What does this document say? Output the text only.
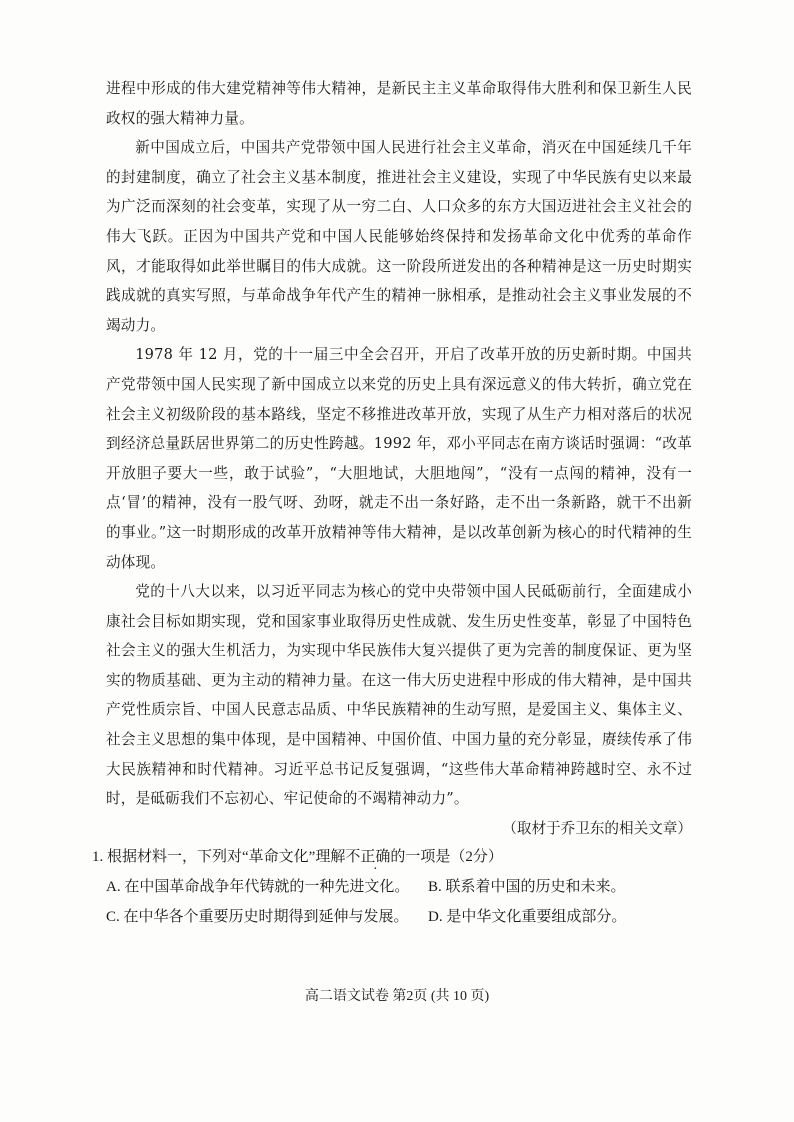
进程中形成的伟大建党精神等伟大精神，是新民主主义革命取得伟大胜利和保卫新生人民政权的强大精神力量。

新中国成立后，中国共产党带领中国人民进行社会主义革命，消灭在中国延续几千年的封建制度，确立了社会主义基本制度，推进社会主义建设，实现了中华民族有史以来最为广泛而深刻的社会变革，实现了从一穷二白、人口众多的东方大国迈进社会主义社会的伟大飞跃。正因为中国共产党和中国人民能够始终保持和发扬革命文化中优秀的革命作风，才能取得如此举世瞩目的伟大成就。这一阶段所迸发出的各种精神是这一历史时期实践成就的真实写照，与革命战争年代产生的精神一脉相承，是推动社会主义事业发展的不竭动力。

1978 年 12 月，党的十一届三中全会召开，开启了改革开放的历史新时期。中国共产党带领中国人民实现了新中国成立以来党的历史上具有深远意义的伟大转折，确立党在社会主义初级阶段的基本路线，坚定不移推进改革开放，实现了从生产力相对落后的状况到经济总量跃居世界第二的历史性跨越。1992 年，邓小平同志在南方谈话时强调：“改革开放胆子要大一些，敢于试验”，“大胆地试，大胆地闯”，“没有一点闯的精神，没有一点‘冒’的精神，没有一股气呀、劲呀，就走不出一条好路，走不出一条新路，就干不出新的事业。”这一时期形成的改革开放精神等伟大精神，是以改革创新为核心的时代精神的生动体现。

党的十八大以来，以习近平同志为核心的党中央带领中国人民砥砺前行，全面建成小康社会目标如期实现，党和国家事业取得历史性成就、发生历史性变革，彰显了中国特色社会主义的强大生机活力，为实现中华民族伟大复兴提供了更为完善的制度保证、更为坚实的物质基础、更为主动的精神力量。在这一伟大历史进程中形成的伟大精神，是中国共产党性质宗旨、中国人民意志品质、中华民族精神的生动写照，是爱国主义、集体主义、社会主义思想的集中体现，是中国精神、中国价值、中国力量的充分彰显，赓续传承了伟大民族精神和时代精神。习近平总书记反复强调，“这些伟大革命精神跨越时空、永不过时，是砥砺我们不忘初心、牢记使命的不竭精神动力”。

（取材于乔卫东的相关文章）

1. 根据材料一，下列对“革命文化”理解不正确的一项是（2分）

A. 在中国革命战争年代铸就的一种先进文化。	B. 联系着中国的历史和未来。
C. 在中华各个重要历史时期得到延伸与发展。	D. 是中华文化重要组成部分。
高二语文试卷 第2页 (共 10 页)
